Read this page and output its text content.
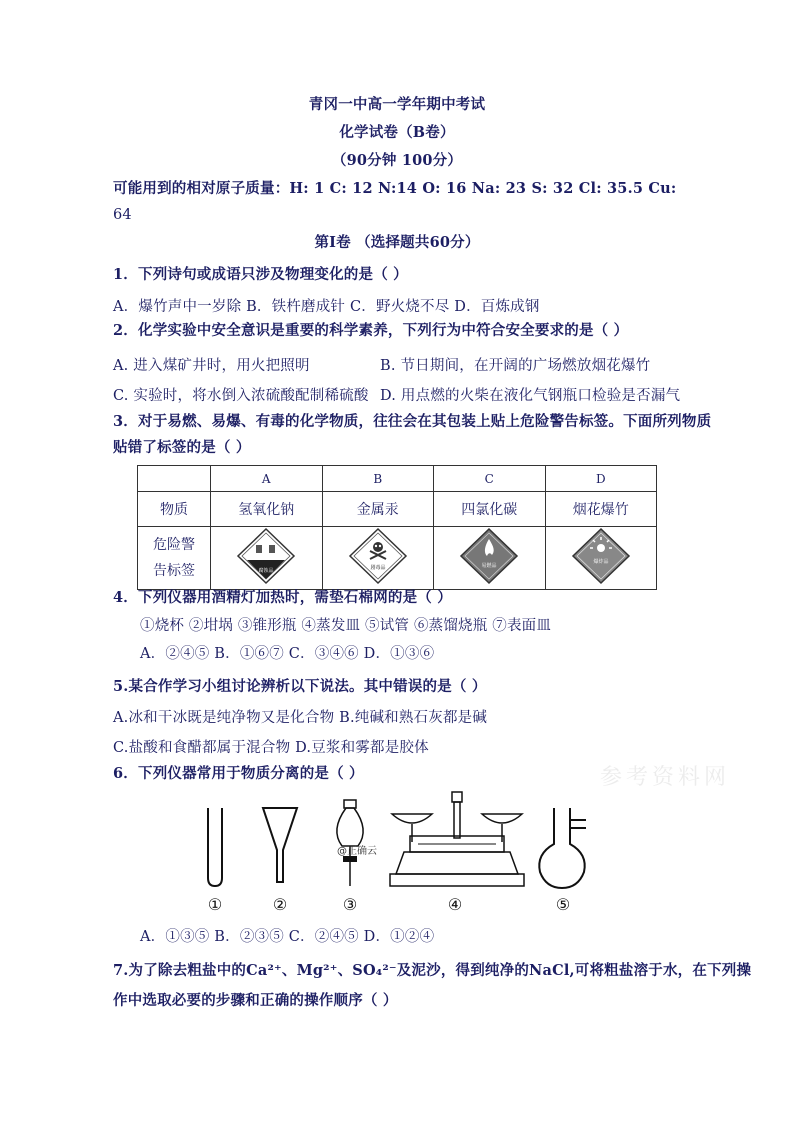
青冈一中高一学年期中考试
化学试卷（B卷）
（90分钟 100分）
可能用到的相对原子质量：H: 1 C: 12 N:14 O: 16 Na: 23 S: 32 Cl: 35.5 Cu:
64
第Ⅰ卷 （选择题共60分）
1．下列诗句或成语只涉及物理变化的是（ ）
A．爆竹声中一岁除 B．铁杵磨成针 C．野火烧不尽 D．百炼成钢
2．化学实验中安全意识是重要的科学素养，下列行为中符合安全要求的是（ ）
A. 进入煤矿井时，用火把照明	B. 节日期间，在开阔的广场燃放烟花爆竹
C. 实验时，将水倒入浓硫酸配制稀硫酸 D. 用点燃的火柴在液化气钢瓶口检验是否漏气
3．对于易燃、易爆、有毒的化学物质，往往会在其包装上贴上危险警告标签。下面所列物质
贴错了标签的是（ ）
	A	B	C	D
物质	氢氧化钠	金属汞	四氯化碳	烟花爆竹

危险警
告标签	腐蚀品	剧毒品	易燃品	爆炸品
4．下列仪器用酒精灯加热时，需垫石棉网的是（ ）
①烧杯 ②坩埚 ③锥形瓶 ④蒸发皿 ⑤试管 ⑥蒸馏烧瓶 ⑦表面皿
A．②④⑤ B．①⑥⑦ C．③④⑥ D．①③⑥
5.某合作学习小组讨论辨析以下说法。其中错误的是（ ）
A.冰和干冰既是纯净物又是化合物 B.纯碱和熟石灰都是碱
C.盐酸和食醋都属于混合物 D.豆浆和雾都是胶体
6．下列仪器常用于物质分离的是（ ）	参考资料网
@正确云
①	②	③	④	⑤
A．①③⑤ B．②③⑤ C．②④⑤ D．①②④
7.为了除去粗盐中的Ca²⁺、Mg²⁺、SO₄²⁻及泥沙，得到纯净的NaCl,可将粗盐溶于水，在下列操
作中选取必要的步骤和正确的操作顺序（ ）
